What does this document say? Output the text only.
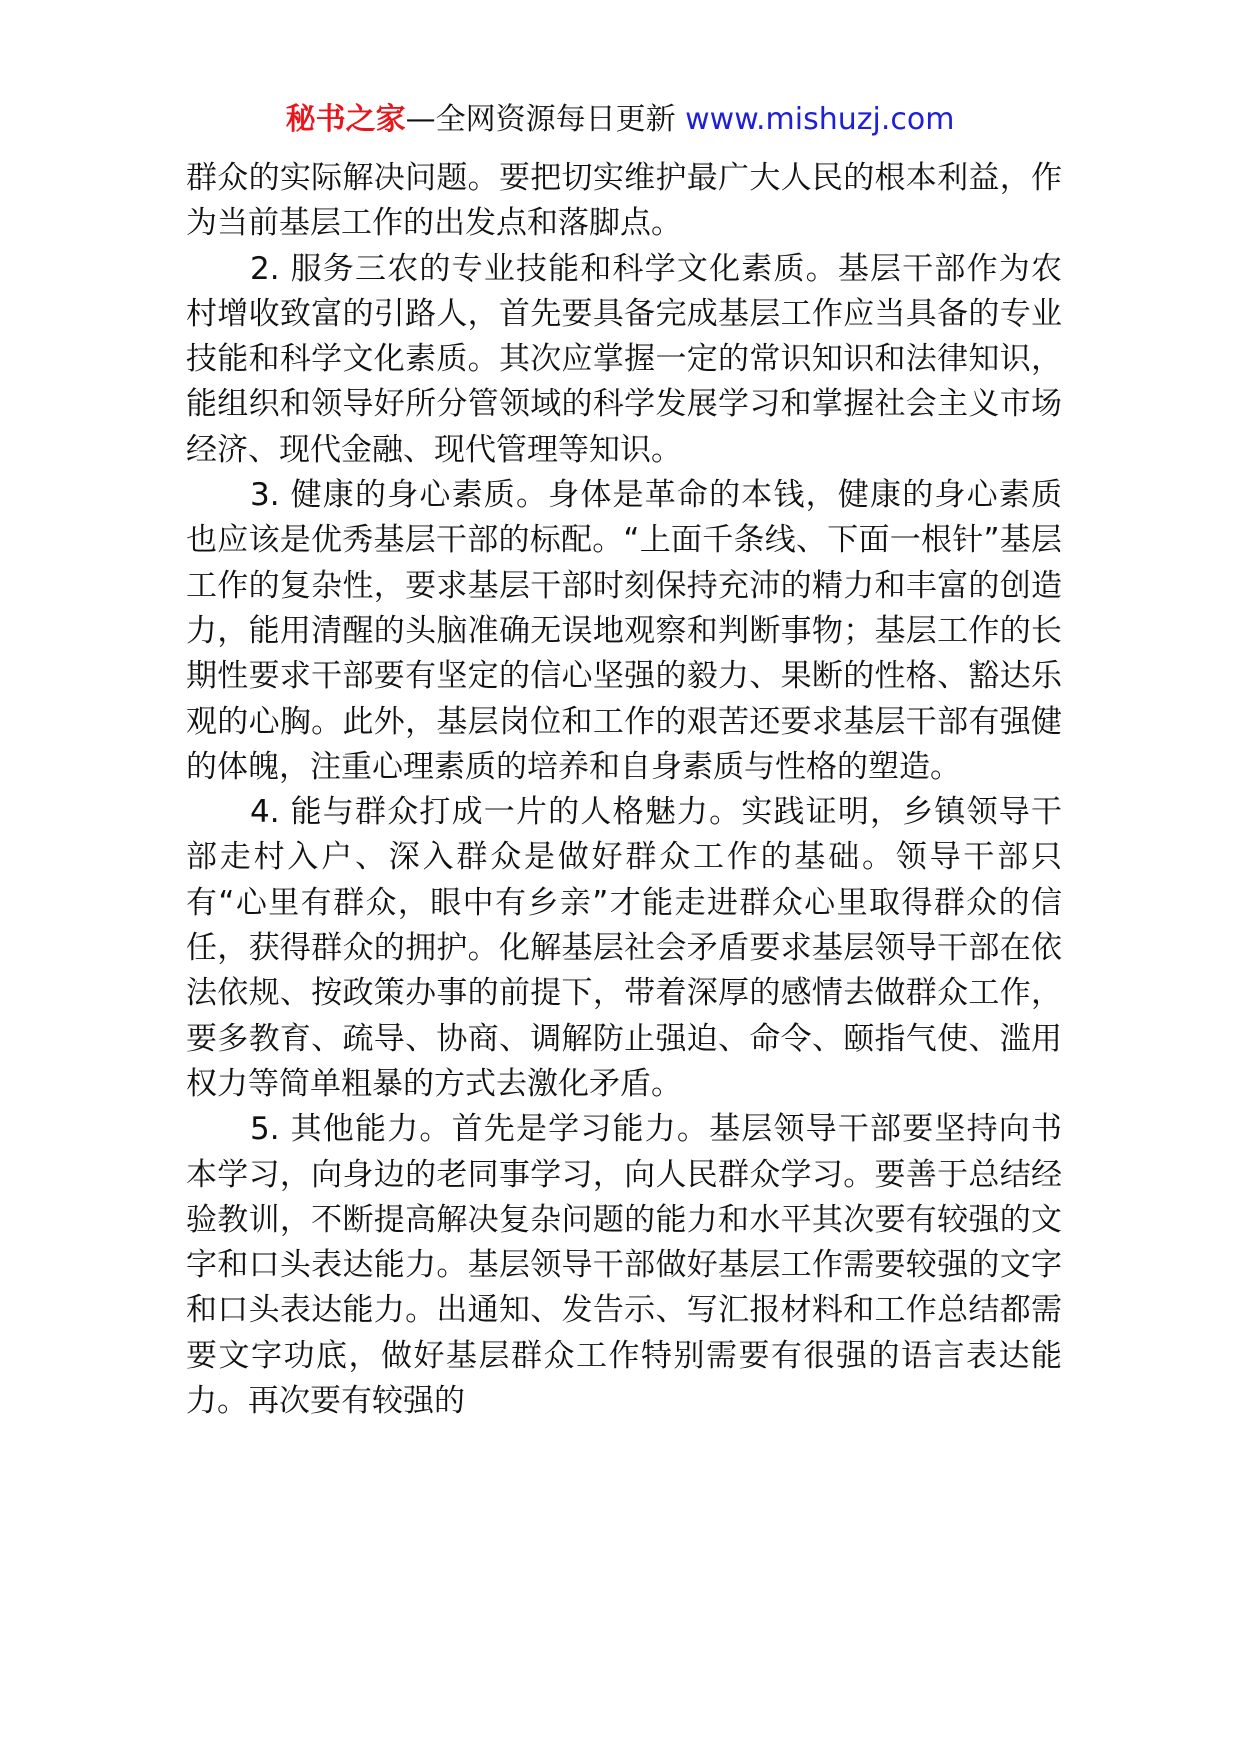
秘书之家—全网资源每日更新 www.mishuzj.com

群众的实际解决问题。要把切实维护最广大人民的根本利益，作为当前基层工作的出发点和落脚点。

2. 服务三农的专业技能和科学文化素质。基层干部作为农村增收致富的引路人，首先要具备完成基层工作应当具备的专业技能和科学文化素质。其次应掌握一定的常识知识和法律知识，能组织和领导好所分管领域的科学发展学习和掌握社会主义市场经济、现代金融、现代管理等知识。

3. 健康的身心素质。身体是革命的本钱，健康的身心素质也应该是优秀基层干部的标配。“上面千条线、下面一根针”基层工作的复杂性，要求基层干部时刻保持充沛的精力和丰富的创造力，能用清醒的头脑准确无误地观察和判断事物；基层工作的长期性要求干部要有坚定的信心坚强的毅力、果断的性格、豁达乐观的心胸。此外，基层岗位和工作的艰苦还要求基层干部有强健的体魄，注重心理素质的培养和自身素质与性格的塑造。

4. 能与群众打成一片的人格魅力。实践证明，乡镇领导干部走村入户、深入群众是做好群众工作的基础。领导干部只有“心里有群众，眼中有乡亲”才能走进群众心里取得群众的信任，获得群众的拥护。化解基层社会矛盾要求基层领导干部在依法依规、按政策办事的前提下，带着深厚的感情去做群众工作，要多教育、疏导、协商、调解防止强迫、命令、颐指气使、滥用权力等简单粗暴的方式去激化矛盾。

5. 其他能力。首先是学习能力。基层领导干部要坚持向书本学习，向身边的老同事学习，向人民群众学习。要善于总结经验教训，不断提高解决复杂问题的能力和水平其次要有较强的文字和口头表达能力。基层领导干部做好基层工作需要较强的文字和口头表达能力。出通知、发告示、写汇报材料和工作总结都需要文字功底，做好基层群众工作特别需要有很强的语言表达能力。再次要有较强的
